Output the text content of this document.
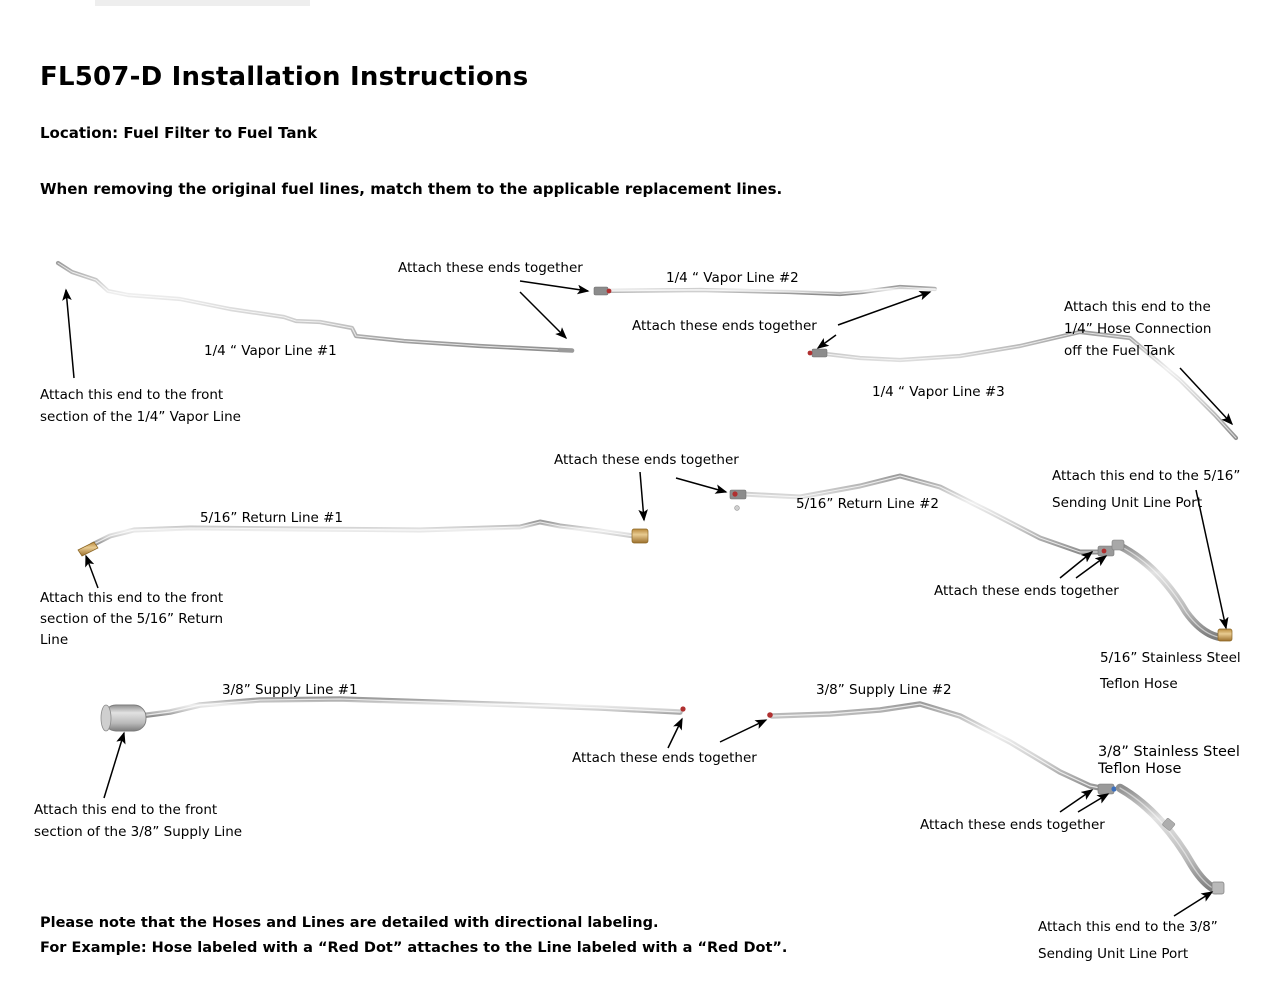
FL507-D Installation Instructions
Location: Fuel Filter to Fuel Tank
When removing the original fuel lines, match them to the applicable replacement lines.
1/4 “ Vapor Line #1
1/4 “ Vapor Line #2
1/4 “ Vapor Line #3
5/16” Return Line #1
5/16” Return Line #2
3/8” Supply Line #1	3/8” Supply Line #2
5/16” Stainless Steel
Teflon Hose
3/8” Stainless Steel
Teflon Hose
Attach these ends together
Attach these ends together
Attach this end to the front
section of the 1/4” Vapor Line
Attach this end to the
1/4” Hose Connection
off the Fuel Tank
Attach these ends together
Attach this end to the front
section of the 5/16” Return
Line
Attach this end to the 5/16”
Sending Unit Line Port
Attach these ends together
Attach these ends together
Attach this end to the front
section of the 3/8” Supply Line	Attach these ends together
Attach this end to the 3/8”
Sending Unit Line Port
Please note that the Hoses and Lines are detailed with directional labeling.
For Example: Hose labeled with a “Red Dot” attaches to the Line labeled with a “Red Dot”.
